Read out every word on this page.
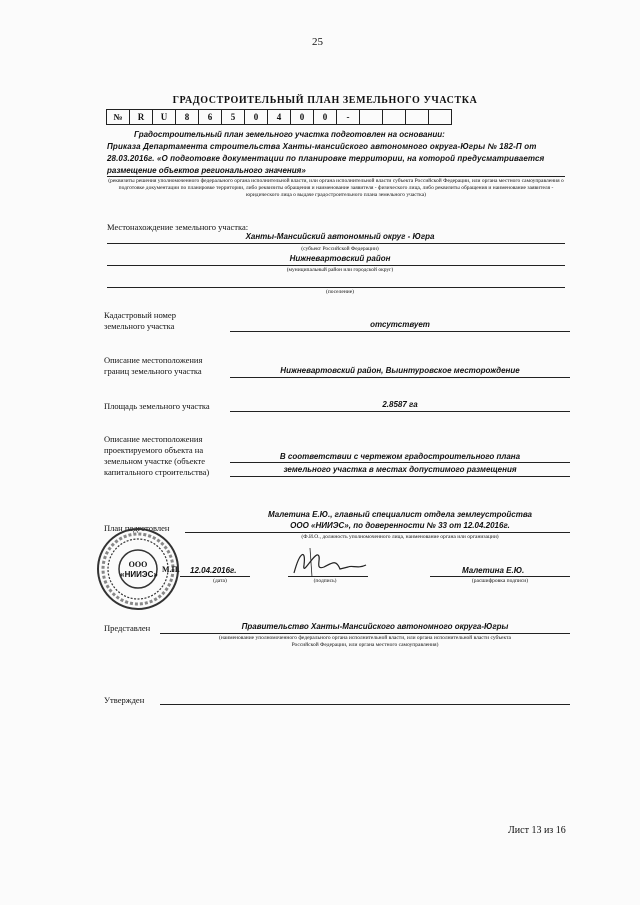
25
ГРАДОСТРОИТЕЛЬНЫЙ ПЛАН ЗЕМЕЛЬНОГО УЧАСТКА
№	R	U	8	6	5	0	4	0	0	-				
Градостроительный план земельного участка подготовлен на основании:
Приказа Департамента строительства Ханты-мансийского автономного округа-Югры № 182-П от
28.03.2016г. «О подготовке документации по планировке территории, на которой предусматривается
размещение объектов регионального значения»
(реквизиты решения уполномоченного федерального органа исполнительной власти, или органа исполнительной власти субъекта Российской Федерации, или органа местного самоуправления о подготовке документации по планировке территории, либо реквизиты обращения и наименование заявителя - физического лица, либо реквизиты обращения и наименование заявителя - юридического лица о выдаче градостроительного плана земельного участка)
Местонахождение земельного участка:
Ханты-Мансийский автономный округ - Югра
(субъект Российской Федерации)
Нижневартовский район
(муниципальный район или городской округ)
(поселение)
Кадастровый номер
земельного участка	отсутствует
Описание местоположения
границ земельного участка	Нижневартовский район, Выинтуровское месторождение
Площадь земельного участка	2.8587 га
Описание местоположения
проектируемого объекта на
земельном участке (объекте
капитального строительства)
В соответствии с чертежом градостроительного плана
земельного участка в местах допустимого размещения
Малетина Е.Ю., главный специалист отдела землеустройства
План подготовлен	ООО «НИИЭС», по доверенности № 33 от 12.04.2016г.
(Ф.И.О., должность уполномоченного лица, наименование органа или организации)
12.04.2016г.
(дата)	(подпись)
Малетина Е.Ю.
(расшифровка подписи)
ООО
«НИИЭС»
М.П.
Представлен	Правительство Ханты-Мансийского автономного округа-Югры
(наименование уполномоченного федерального органа исполнительной власти, или органа исполнительной власти субъекта
Российской Федерации, или органа местного самоуправления)
Утвержден
Лист 13 из 16
